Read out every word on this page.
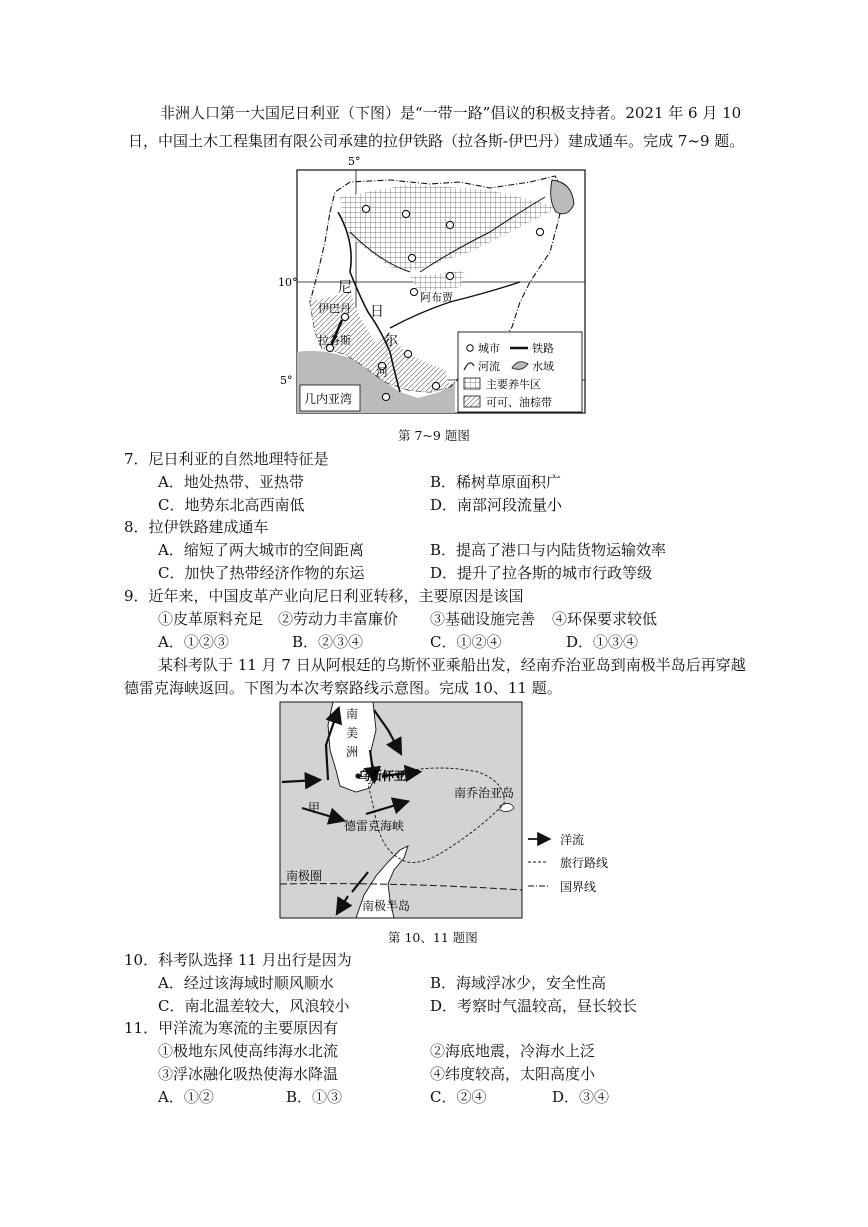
非洲人口第一大国尼日利亚（下图）是“一带一路”倡议的积极支持者。2021 年 6 月 10
日，中国土木工程集团有限公司承建的拉伊铁路（拉各斯-伊巴丹）建成通车。完成 7~9 题。
5°
10°
5°
尼
日
尔
河
阿布贾
伊巴丹
拉各斯
几内亚湾
城市	铁路
河流	水域
主要养牛区
可可、油棕带
第 7~9 题图
7．尼日利亚的自然地理特征是
A．地处热带、亚热带	B．稀树草原面积广
C．地势东北高西南低	D．南部河段流量小
8．拉伊铁路建成通车
A．缩短了两大城市的空间距离	B．提高了港口与内陆货物运输效率
C．加快了热带经济作物的东运	D．提升了拉各斯的城市行政等级
9．近年来，中国皮革产业向尼日利亚转移，主要原因是该国
①皮革原料充足 ②劳动力丰富廉价 ③基础设施完善 ④环保要求较低
A．①②③	B．②③④	C．①②④	D．①③④
某科考队于 11 月 7 日从阿根廷的乌斯怀亚乘船出发，经南乔治亚岛到南极半岛后再穿越
德雷克海峡返回。下图为本次考察路线示意图。完成 10、11 题。
南
美
洲
乌斯怀亚
南乔治亚岛
甲
德雷克海峡
南极圈
南极半岛
洋流
旅行路线
国界线
第 10、11 题图
10．科考队选择 11 月出行是因为
A．经过该海域时顺风顺水	B．海域浮冰少，安全性高
C．南北温差较大，风浪较小	D．考察时气温较高，昼长较长
11．甲洋流为寒流的主要原因有
①极地东风使高纬海水北流	②海底地震，冷海水上泛
③浮冰融化吸热使海水降温	④纬度较高，太阳高度小
A．①②	B．①③	C．②④	D．③④
